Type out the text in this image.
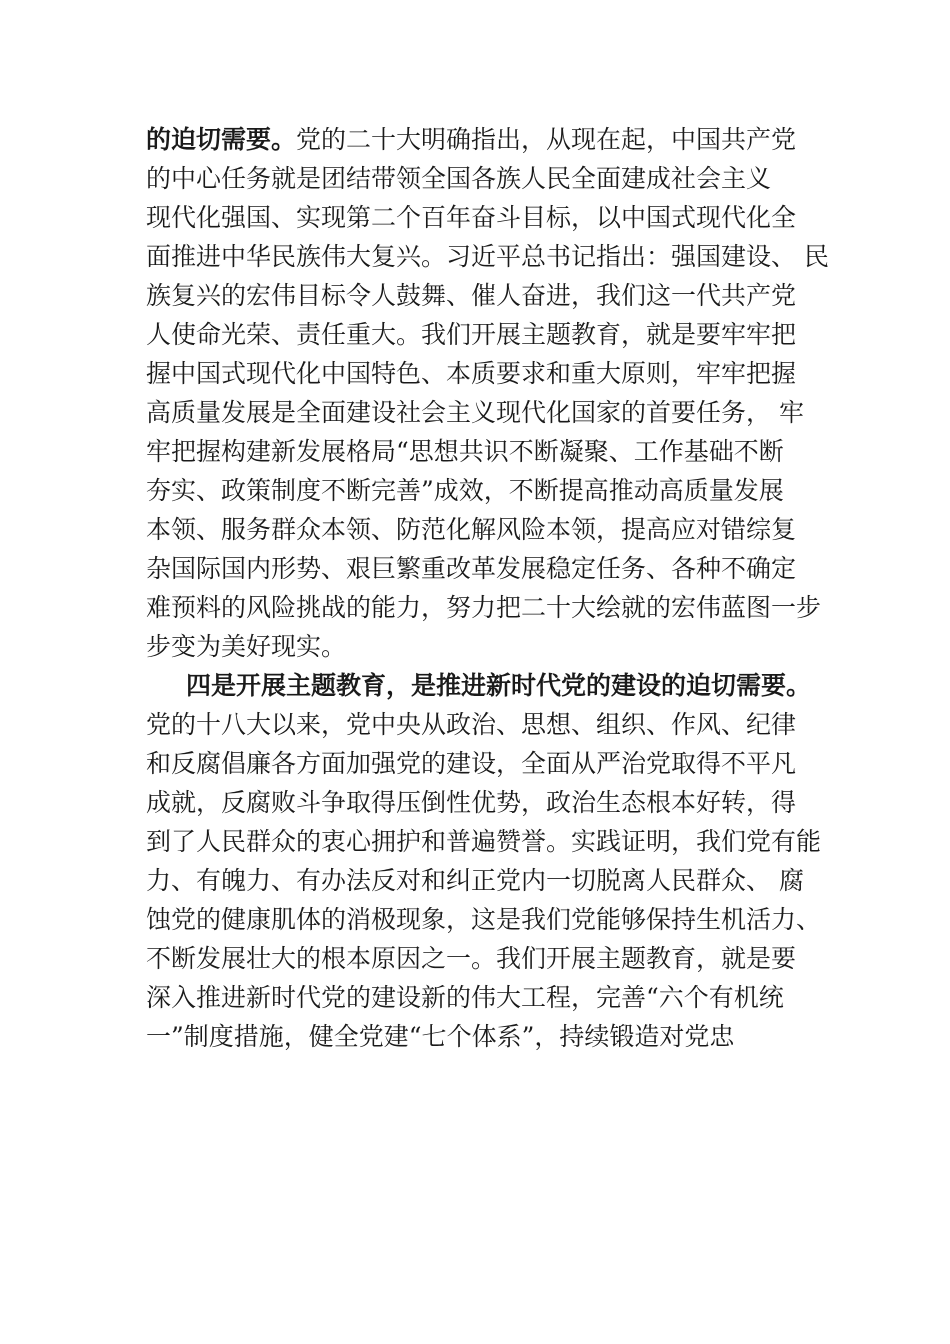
的迫切需要。党的二十大明确指出，从现在起，中国共产党
的中心任务就是团结带领全国各族人民全面建成社会主义
现代化强国、实现第二个百年奋斗目标，以中国式现代化全
面推进中华民族伟大复兴。习近平总书记指出：强国建设、 民
族复兴的宏伟目标令人鼓舞、催人奋进，我们这一代共产党
人使命光荣、责任重大。我们开展主题教育，就是要牢牢把
握中国式现代化中国特色、本质要求和重大原则，牢牢把握
高质量发展是全面建设社会主义现代化国家的首要任务， 牢
牢把握构建新发展格局“思想共识不断凝聚、工作基础不断
夯实、政策制度不断完善”成效，不断提高推动高质量发展
本领、服务群众本领、防范化解风险本领，提高应对错综复
杂国际国内形势、艰巨繁重改革发展稳定任务、各种不确定
难预料的风险挑战的能力，努力把二十大绘就的宏伟蓝图一步
步变为美好现实。
四是开展主题教育，是推进新时代党的建设的迫切需要。
党的十八大以来，党中央从政治、思想、组织、作风、纪律
和反腐倡廉各方面加强党的建设，全面从严治党取得不平凡
成就，反腐败斗争取得压倒性优势，政治生态根本好转，得
到了人民群众的衷心拥护和普遍赞誉。实践证明，我们党有能
力、有魄力、有办法反对和纠正党内一切脱离人民群众、 腐
蚀党的健康肌体的消极现象，这是我们党能够保持生机活力、
不断发展壮大的根本原因之一。我们开展主题教育，就是要
深入推进新时代党的建设新的伟大工程，完善“六个有机统
一”制度措施，健全党建“七个体系”，持续锻造对党忠
